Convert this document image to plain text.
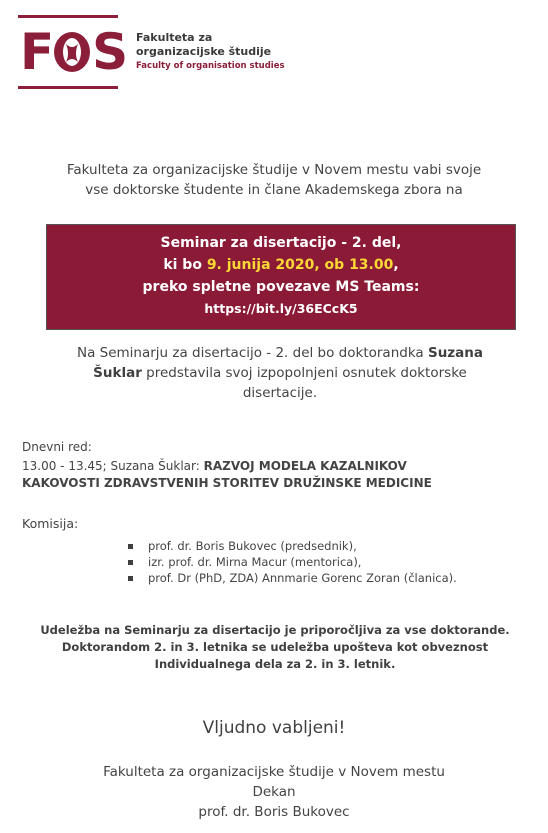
F S Fakulteta za
organizacijske študije
Faculty of organisation studies
Fakulteta za organizacijske študije v Novem mestu vabi svoje
vse doktorske študente in člane Akademskega zbora na
Seminar za disertacijo - 2. del,
ki bo 9. junija 2020, ob 13.00,
preko spletne povezave MS Teams:
https://bit.ly/36ECcK5
Na Seminarju za disertacijo - 2. del bo doktorandka Suzana
Šuklar predstavila svoj izpopolnjeni osnutek doktorske
disertacije.
Dnevni red:
13.00 - 13.45; Suzana Šuklar: RAZVOJ MODELA KAZALNIKOV
KAKOVOSTI ZDRAVSTVENIH STORITEV DRUŽINSKE MEDICINE
Komisija:
prof. dr. Boris Bukovec (predsednik),
izr. prof. dr. Mirna Macur (mentorica),
prof. Dr (PhD, ZDA) Annmarie Gorenc Zoran (članica).
Udeležba na Seminarju za disertacijo je priporočljiva za vse doktorande.
Doktorandom 2. in 3. letnika se udeležba upošteva kot obveznost
Individualnega dela za 2. in 3. letnik.
Vljudno vabljeni!
Fakulteta za organizacijske študije v Novem mestu
Dekan
prof. dr. Boris Bukovec
